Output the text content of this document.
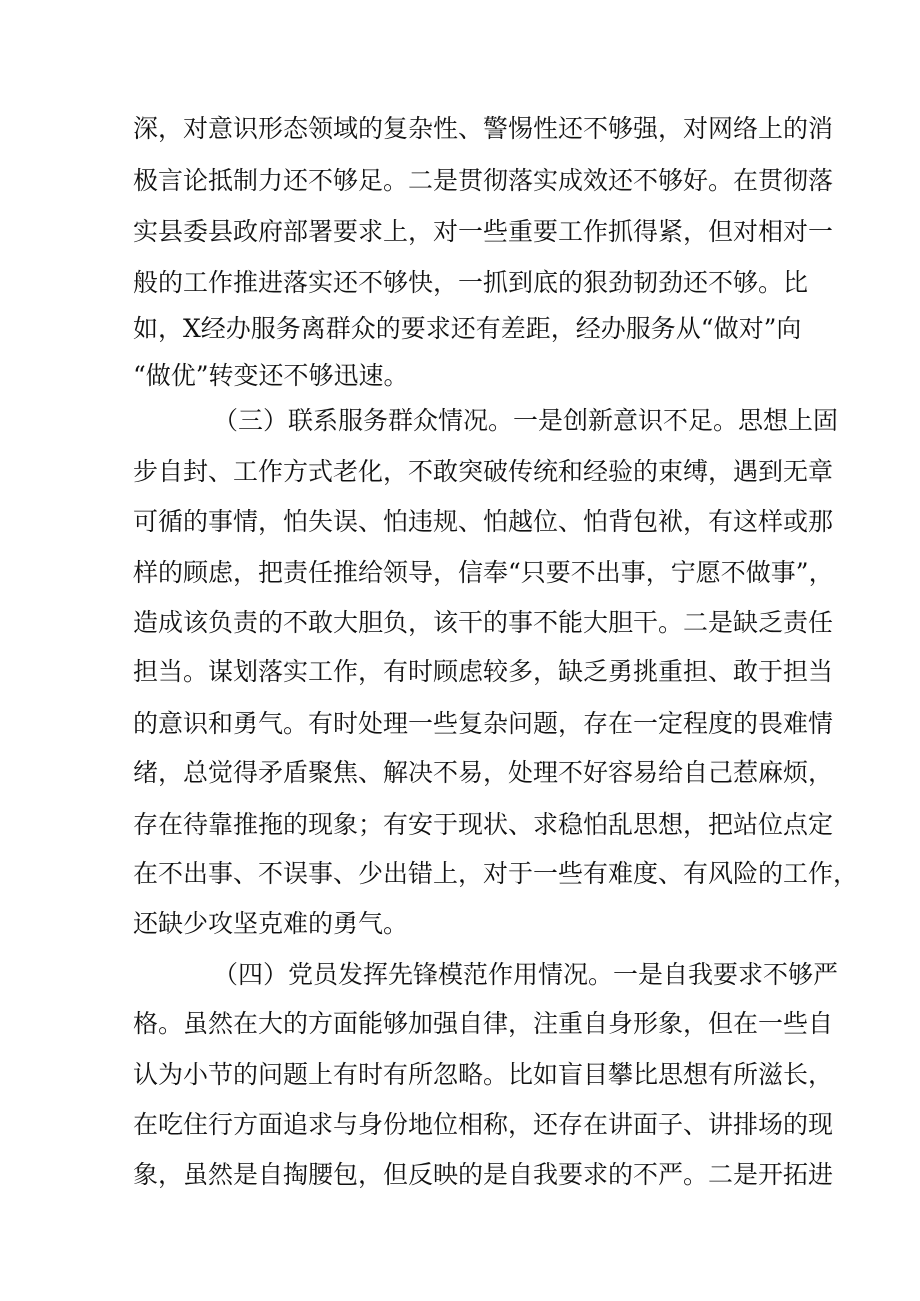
深，对意识形态领域的复杂性、警惕性还不够强，对网络上的消
极言论抵制力还不够足。二是贯彻落实成效还不够好。在贯彻落
实县委县政府部署要求上，对一些重要工作抓得紧，但对相对一
般的工作推进落实还不够快，一抓到底的狠劲韧劲还不够。比
如，X经办服务离群众的要求还有差距，经办服务从“做对”向
“做优”转变还不够迅速。
（三）联系服务群众情况。一是创新意识不足。思想上固
步自封、工作方式老化，不敢突破传统和经验的束缚，遇到无章
可循的事情，怕失误、怕违规、怕越位、怕背包袱，有这样或那
样的顾虑，把责任推给领导，信奉“只要不出事，宁愿不做事”，
造成该负责的不敢大胆负，该干的事不能大胆干。二是缺乏责任
担当。谋划落实工作，有时顾虑较多，缺乏勇挑重担、敢于担当
的意识和勇气。有时处理一些复杂问题，存在一定程度的畏难情
绪，总觉得矛盾聚焦、解决不易，处理不好容易给自己惹麻烦，
存在待靠推拖的现象；有安于现状、求稳怕乱思想，把站位点定
在不出事、不误事、少出错上，对于一些有难度、有风险的工作，
还缺少攻坚克难的勇气。
（四）党员发挥先锋模范作用情况。一是自我要求不够严
格。虽然在大的方面能够加强自律，注重自身形象，但在一些自
认为小节的问题上有时有所忽略。比如盲目攀比思想有所滋长，
在吃住行方面追求与身份地位相称，还存在讲面子、讲排场的现
象，虽然是自掏腰包，但反映的是自我要求的不严。二是开拓进
